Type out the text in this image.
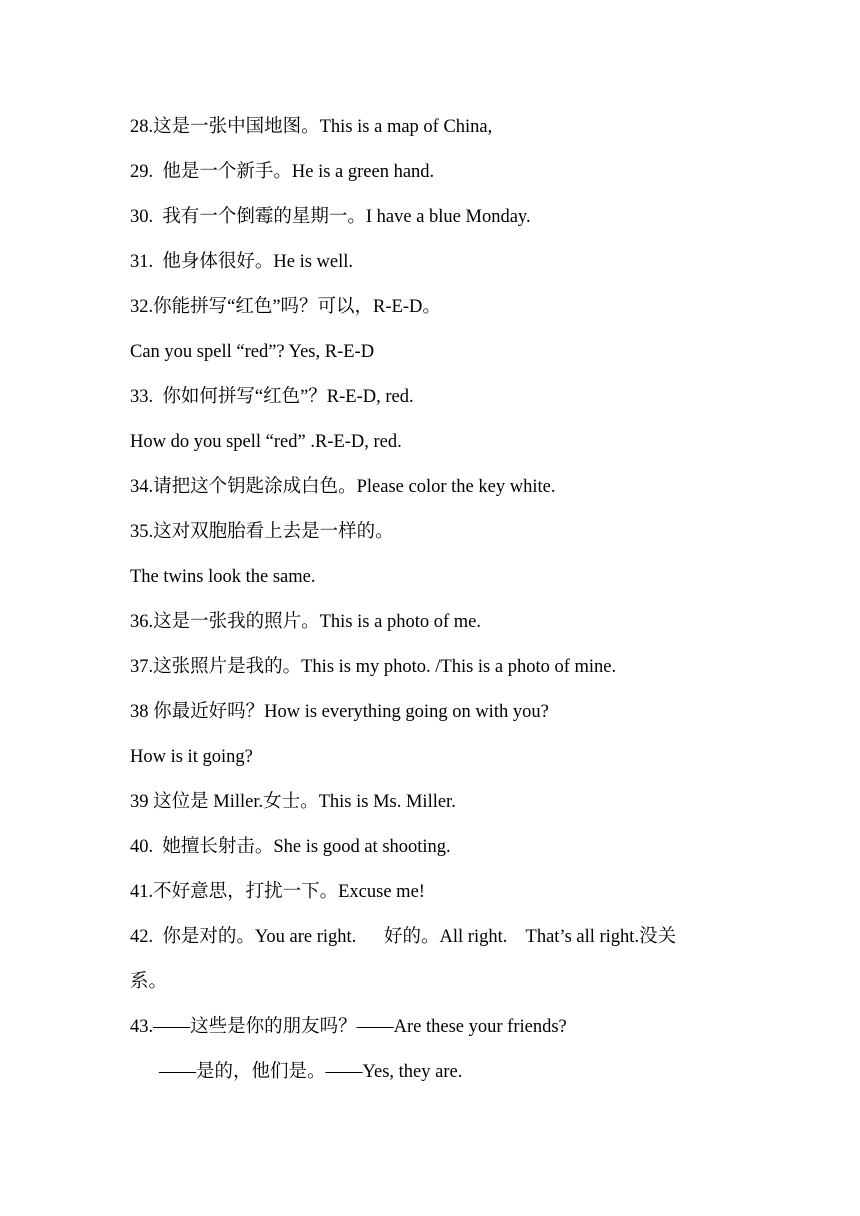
28.这是一张中国地图。This is a map of China,
29.  他是一个新手。He is a green hand.
30.  我有一个倒霉的星期一。I have a blue Monday.
31.  他身体很好。He is well.
32.你能拼写“红色”吗？可以，R-E-D。
Can you spell “red”? Yes, R-E-D
33.  你如何拼写“红色”？R-E-D, red.
How do you spell “red” .R-E-D, red.
34.请把这个钥匙涂成白色。Please color the key white.
35.这对双胞胎看上去是一样的。
The twins look the same.
36.这是一张我的照片。This is a photo of me.
37.这张照片是我的。This is my photo. /This is a photo of mine.
38 你最近好吗？How is everything going on with you?
How is it going?
39 这位是 Miller.女士。This is Ms. Miller.
40.  她擅长射击。She is good at shooting.
41.不好意思，打扰一下。Excuse me!
42.  你是对的。You are right.      好的。All right.    That’s all right.没关
系。
43.——这些是你的朋友吗？——Are these your friends?
——是的，他们是。——Yes, they are.
